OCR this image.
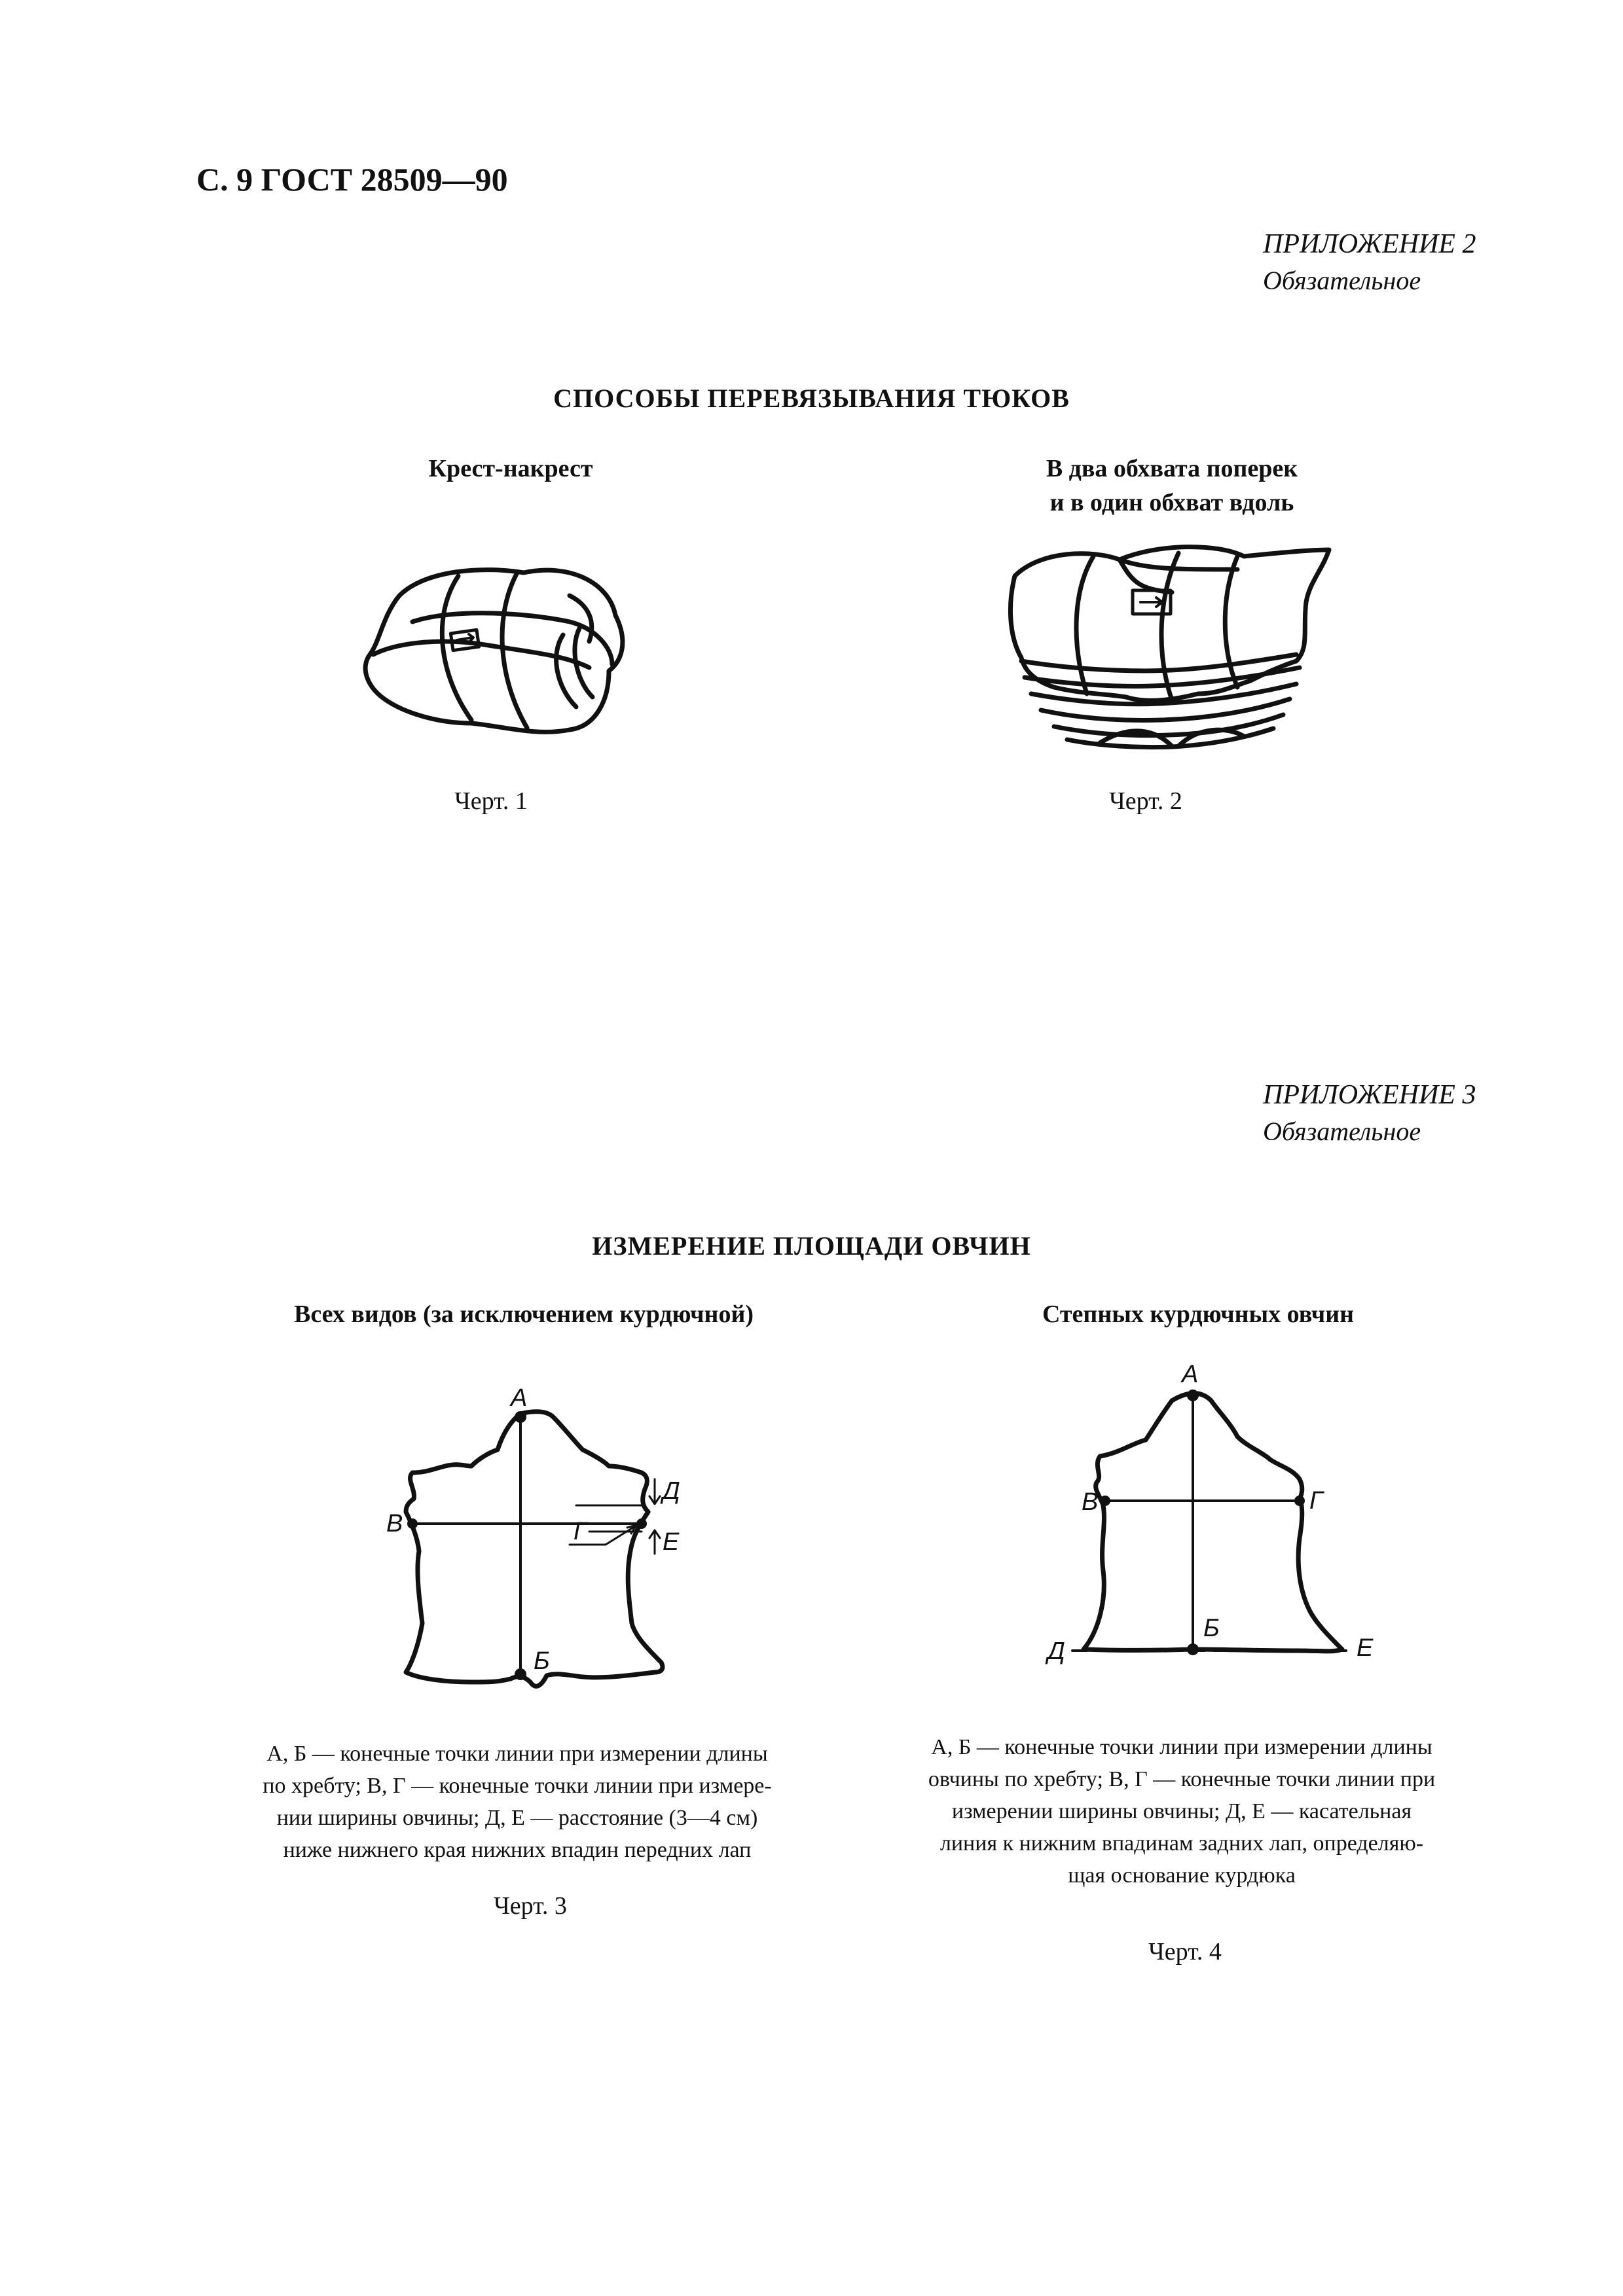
С. 9 ГОСТ 28509—90
ПРИЛОЖЕНИЕ 2
Обязательное
СПОСОБЫ ПЕРЕВЯЗЫВАНИЯ ТЮКОВ
Крест-накрест	В два обхвата поперек
и в один обхват вдоль
Черт. 1	Черт. 2
ПРИЛОЖЕНИЕ 3
Обязательное
ИЗМЕРЕНИЕ ПЛОЩАДИ ОВЧИН
Всех видов (за исключением курдючной)	Степных курдючных овчин
А
Б
В	Г
Д
Е
А
Б
В	Г
Д	Е
А, Б — конечные точки линии при измерении длины
по хребту; В, Г — конечные точки линии при измере-
нии ширины овчины; Д, Е — расстояние (3—4 см)
ниже нижнего края нижних впадин передних лап
А, Б — конечные точки линии при измерении длины
овчины по хребту; В, Г — конечные точки линии при
измерении ширины овчины; Д, Е — касательная
линия к нижним впадинам задних лап, определяю-
щая основание курдюка
Черт. 3
Черт. 4
